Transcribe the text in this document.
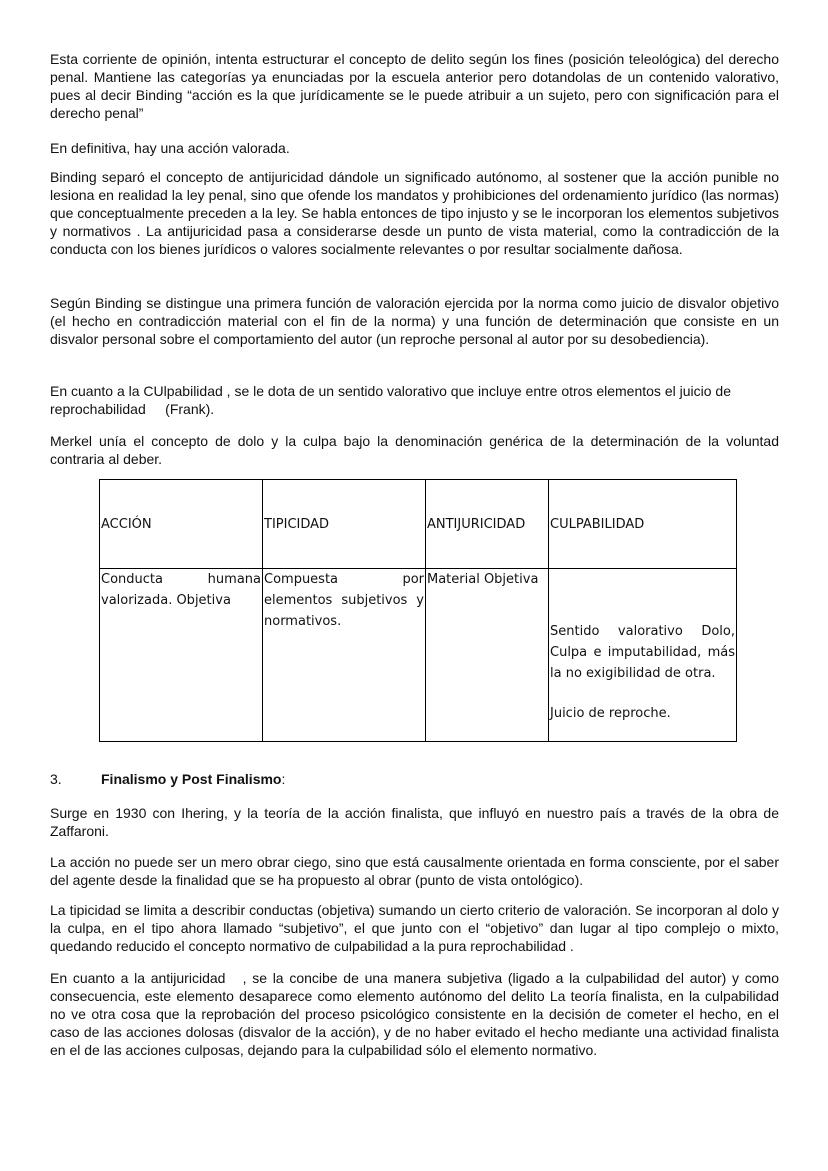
Esta corriente de opinión, intenta estructurar el concepto de delito según los fines (posición teleológica) del derecho penal. Mantiene las categorías ya enunciadas por la escuela anterior pero dotandolas de un contenido valorativo, pues al decir Binding “acción es la que jurídicamente se le puede atribuir a un sujeto, pero con significación para el derecho penal”

En definitiva, hay una acción valorada.

Binding separó el concepto de antijuricidad dándole un significado autónomo, al sostener que la acción punible no lesiona en realidad la ley penal, sino que ofende los mandatos y prohibiciones del ordenamiento jurídico (las normas) que conceptualmente preceden a la ley. Se habla entonces de tipo injusto y se le incorporan los elementos subjetivos y normativos . La antijuricidad pasa a considerarse desde un punto de vista material, como la contradicción de la conducta con los bienes jurídicos o valores socialmente relevantes o por resultar socialmente dañosa.

Según Binding se distingue una primera función de valoración ejercida por la norma como juicio de disvalor objetivo (el hecho en contradicción material con el fin de la norma) y una función de determinación que consiste en un disvalor personal sobre el comportamiento del autor (un reproche personal al autor por su desobediencia).

En cuanto a la CUlpabilidad , se le dota de un sentido valorativo que incluye entre otros elementos el juicio de reprochabilidad     (Frank).

Merkel unía el concepto de dolo y la culpa bajo la denominación genérica de la determinación de la voluntad contraria al deber.

ACCIÓN	TIPICIDAD	ANTIJURICIDAD	CULPABILIDAD

Conducta humana valorizada. Objetiva	Compuesta por elementos subjetivos y normativos.	Material Objetiva	Sentido valorativo Dolo, Culpa e imputabilidad, más la no exigibilidad de otra.
Juicio de reproche.
3.	Finalismo y Post Finalismo:

Surge en 1930 con Ihering, y la teoría de la acción finalista, que influyó en nuestro país a través de la obra de Zaffaroni.

La acción no puede ser un mero obrar ciego, sino que está causalmente orientada en forma consciente, por el saber del agente desde la finalidad que se ha propuesto al obrar (punto de vista ontológico).

La tipicidad se limita a describir conductas (objetiva) sumando un cierto criterio de valoración. Se incorporan al dolo y la culpa, en el tipo ahora llamado “subjetivo”, el que junto con el “objetivo” dan lugar al tipo complejo o mixto, quedando reducido el concepto normativo de culpabilidad a la pura reprochabilidad .

En cuanto a la antijuricidad   , se la concibe de una manera subjetiva (ligado a la culpabilidad del autor) y como consecuencia, este elemento desaparece como elemento autónomo del delito La teoría finalista, en la culpabilidad no ve otra cosa que la reprobación del proceso psicológico consistente en la decisión de cometer el hecho, en el caso de las acciones dolosas (disvalor de la acción), y de no haber evitado el hecho mediante una actividad finalista en el de las acciones culposas, dejando para la culpabilidad sólo el elemento normativo.
